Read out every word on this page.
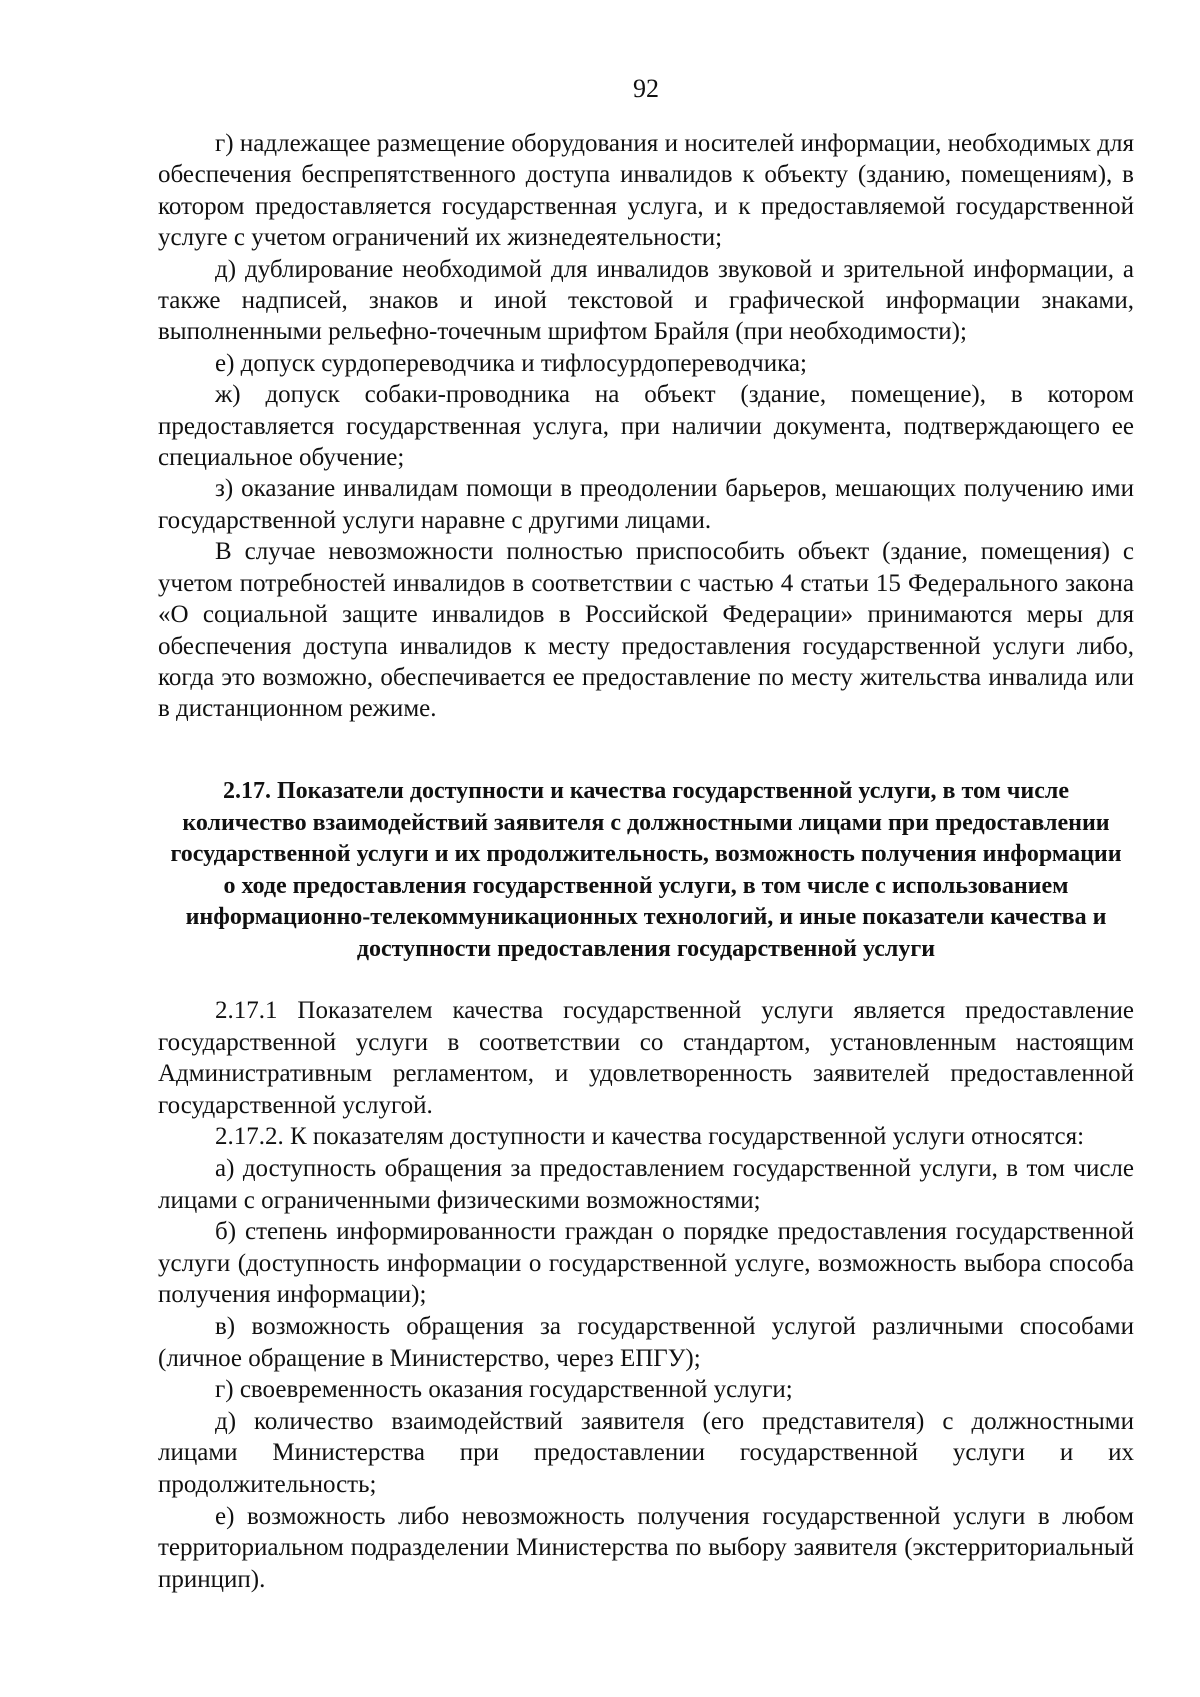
92

г) надлежащее размещение оборудования и носителей информации, необходимых для обеспечения беспрепятственного доступа инвалидов к объекту (зданию, помещениям), в котором предоставляется государственная услуга, и к предоставляемой государственной услуге с учетом ограничений их жизнедеятельности;

д) дублирование необходимой для инвалидов звуковой и зрительной информации, а также надписей, знаков и иной текстовой и графической информации знаками, выполненными рельефно-точечным шрифтом Брайля (при необходимости);

е) допуск сурдопереводчика и тифлосурдопереводчика;

ж) допуск собаки-проводника на объект (здание, помещение), в котором предоставляется государственная услуга, при наличии документа, подтверждающего ее специальное обучение;

з) оказание инвалидам помощи в преодолении барьеров, мешающих получению ими государственной услуги наравне с другими лицами.

В случае невозможности полностью приспособить объект (здание, помещения) с учетом потребностей инвалидов в соответствии с частью 4 статьи 15 Федерального закона «О социальной защите инвалидов в Российской Федерации» принимаются меры для обеспечения доступа инвалидов к месту предоставления государственной услуги либо, когда это возможно, обеспечивается ее предоставление по месту жительства инвалида или в дистанционном режиме.

2.17. Показатели доступности и качества государственной услуги, в том числе

количество взаимодействий заявителя с должностными лицами при предоставлении

государственной услуги и их продолжительность, возможность получения информации

о ходе предоставления государственной услуги, в том числе с использованием

информационно-телекоммуникационных технологий, и иные показатели качества и

доступности предоставления государственной услуги

2.17.1 Показателем качества государственной услуги является предоставление государственной услуги в соответствии со стандартом, установленным настоящим Административным регламентом, и удовлетворенность заявителей предоставленной государственной услугой.

2.17.2. К показателям доступности и качества государственной услуги относятся:

а) доступность обращения за предоставлением государственной услуги, в том числе лицами с ограниченными физическими возможностями;

б) степень информированности граждан о порядке предоставления государственной услуги (доступность информации о государственной услуге, возможность выбора способа получения информации);

в) возможность обращения за государственной услугой различными способами (личное обращение в Министерство, через ЕПГУ);

г) своевременность оказания государственной услуги;

д) количество взаимодействий заявителя (его представителя) с должностными лицами Министерства при предоставлении государственной услуги и их продолжительность;

е) возможность либо невозможность получения государственной услуги в любом территориальном подразделении Министерства по выбору заявителя (экстерриториальный принцип).
